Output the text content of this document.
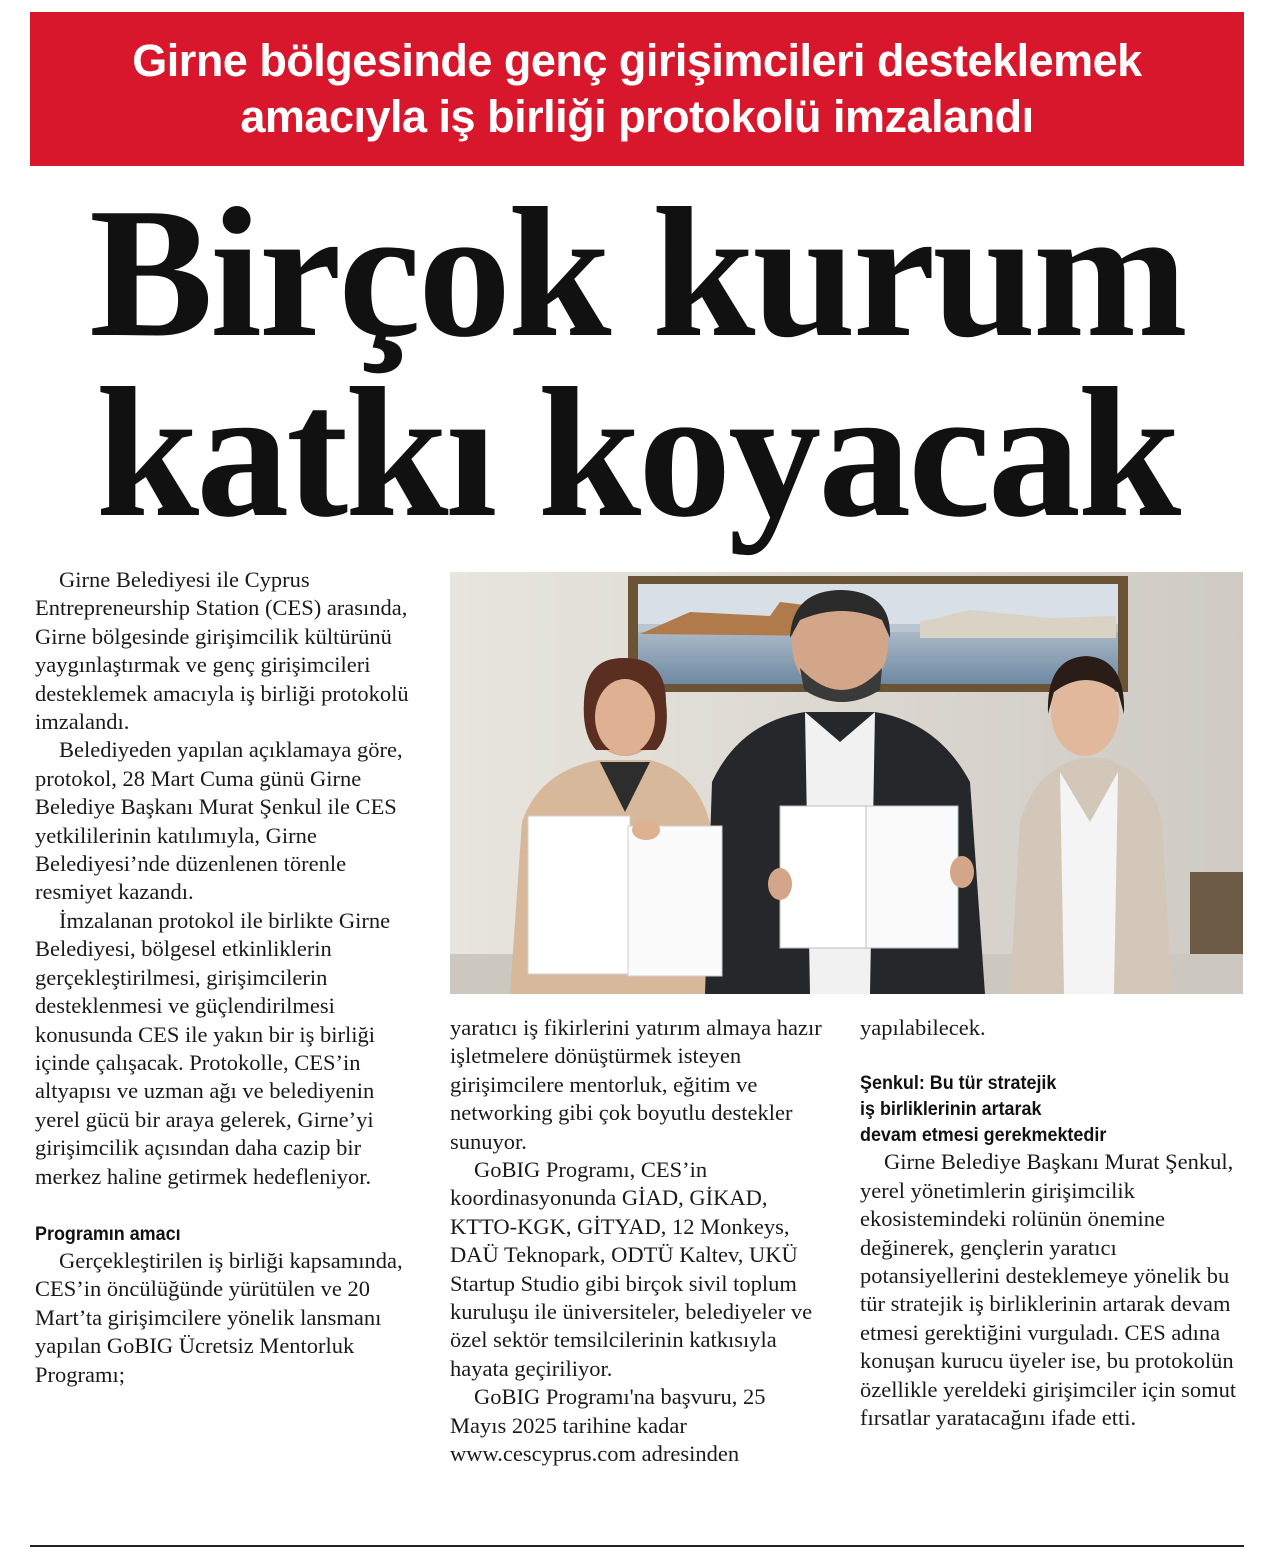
Girne bölgesinde genç girişimcileri desteklemek
amacıyla iş birliği protokolü imzalandı
Birçok kurum
katkı koyacak

Girne Belediyesi ile Cyprus Entrepreneurship Station (CES) arasında, Girne bölgesinde girişimcilik kültürünü yaygınlaştırmak ve genç girişimcileri desteklemek amacıyla iş birliği protokolü imzalandı.

Belediyeden yapılan açıklamaya göre, protokol, 28 Mart Cuma günü Girne Belediye Başkanı Murat Şenkul ile CES yetkililerinin katılımıyla, Girne Belediyesi’nde düzenlenen törenle resmiyet kazandı.

İmzalanan protokol ile birlikte Girne Belediyesi, bölgesel etkinliklerin gerçekleştirilmesi, girişimcilerin desteklenmesi ve güçlendirilmesi konusunda CES ile yakın bir iş birliği içinde çalışacak. Protokolle, CES’in altyapısı ve uzman ağı ve belediyenin yerel gücü bir araya gelerek, Girne’yi girişimcilik açısından daha cazip bir merkez haline getirmek hedefleniyor.

Programın amacı

Gerçekleştirilen iş birliği kapsamında, CES’in öncülüğünde yürütülen ve 20 Mart’ta girişimcilere yönelik lansmanı yapılan GoBIG Ücretsiz Mentorluk Programı;

yaratıcı iş fikirlerini yatırım almaya hazır işletmelere dönüştürmek isteyen girişimcilere mentorluk, eğitim ve networking gibi çok boyutlu destekler sunuyor.

GoBIG Programı, CES’in koordinasyonunda GİAD, GİKAD, KTTO-KGK, GİTYAD, 12 Monkeys, DAÜ Teknopark, ODTÜ Kaltev, UKÜ Startup Studio gibi birçok sivil toplum kuruluşu ile üniversiteler, belediyeler ve özel sektör temsilcilerinin katkısıyla hayata geçiriliyor.

GoBIG Programı'na başvuru, 25 Mayıs 2025 tarihine kadar www.cescyprus.com adresinden

yapılabilecek.

Şenkul: Bu tür stratejik

iş birliklerinin artarak

devam etmesi gerekmektedir

Girne Belediye Başkanı Murat Şenkul, yerel yönetimlerin girişimcilik ekosistemindeki rolünün önemine değinerek, gençlerin yaratıcı potansiyellerini desteklemeye yönelik bu tür stratejik iş birliklerinin artarak devam etmesi gerektiğini vurguladı. CES adına konuşan kurucu üyeler ise, bu protokolün özellikle yereldeki girişimciler için somut fırsatlar yaratacağını ifade etti.
